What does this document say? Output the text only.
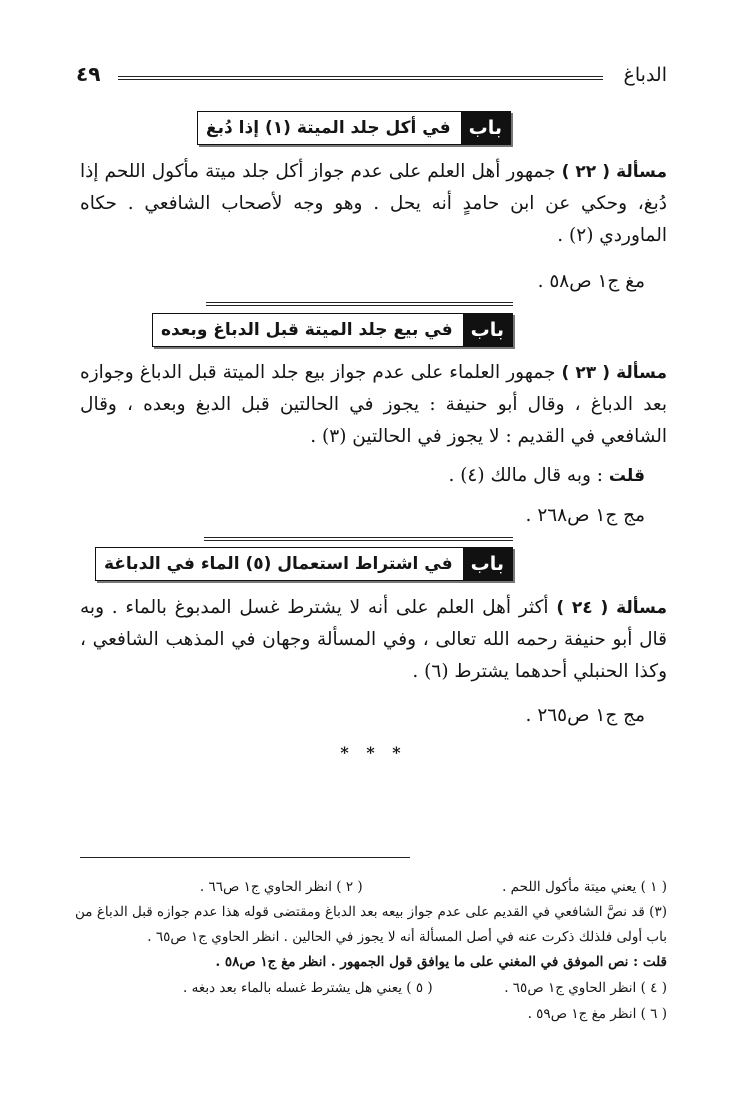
الدباغ
٤٩
باب
في أكل جلد الميتة (١) إذا دُبغ
مسألة ( ٢٢ ) جمهور أهل العلم على عدم جواز أكل جلد ميتة مأكول اللحم إذا دُبغ، وحكي عن ابن حامدٍ أنه يحل . وهو وجه لأصحاب الشافعي . حكاه الماوردي (٢) .
مغ ج١ ص٥٨ .
باب
في بيع جلد الميتة قبل الدباغ وبعده
مسألة ( ٢٣ ) جمهور العلماء على عدم جواز بيع جلد الميتة قبل الدباغ وجوازه بعد الدباغ ، وقال أبو حنيفة : يجوز في الحالتين قبل الدبغ وبعده ، وقال الشافعي في القديم : لا يجوز في الحالتين (٣) .
قلت : وبه قال مالك (٤) .
مج ج١ ص٢٦٨ .
باب
في اشتراط استعمال (٥) الماء في الدباغة
مسألة ( ٢٤ ) أكثر أهل العلم على أنه لا يشترط غسل المدبوغ بالماء . وبه قال أبو حنيفة رحمه الله تعالى ، وفي المسألة وجهان في المذهب الشافعي ، وكذا الحنبلي أحدهما يشترط (٦) .
مج ج١ ص٢٦٥ .
* * *
( ١ ) يعني ميتة مأكول اللحم . ( ٢ ) انظر الحاوي ج١ ص٦٦ .
(٣) قد نصَّ الشافعي في القديم على عدم جواز بيعه بعد الدباغ ومقتضى قوله هذا عدم جوازه قبل الدباغ من
باب أولى فلذلك ذكرت عنه في أصل المسألة أنه لا يجوز في الحالين . انظر الحاوي ج١ ص٦٥ .
قلت : نص الموفق في المغني على ما يوافق قول الجمهور . انظر مغ ج١ ص٥٨ .
( ٤ ) انظر الحاوي ج١ ص٦٥ . ( ٥ ) يعني هل يشترط غسله بالماء بعد دبغه .
( ٦ ) انظر مغ ج١ ص٥٩ .
